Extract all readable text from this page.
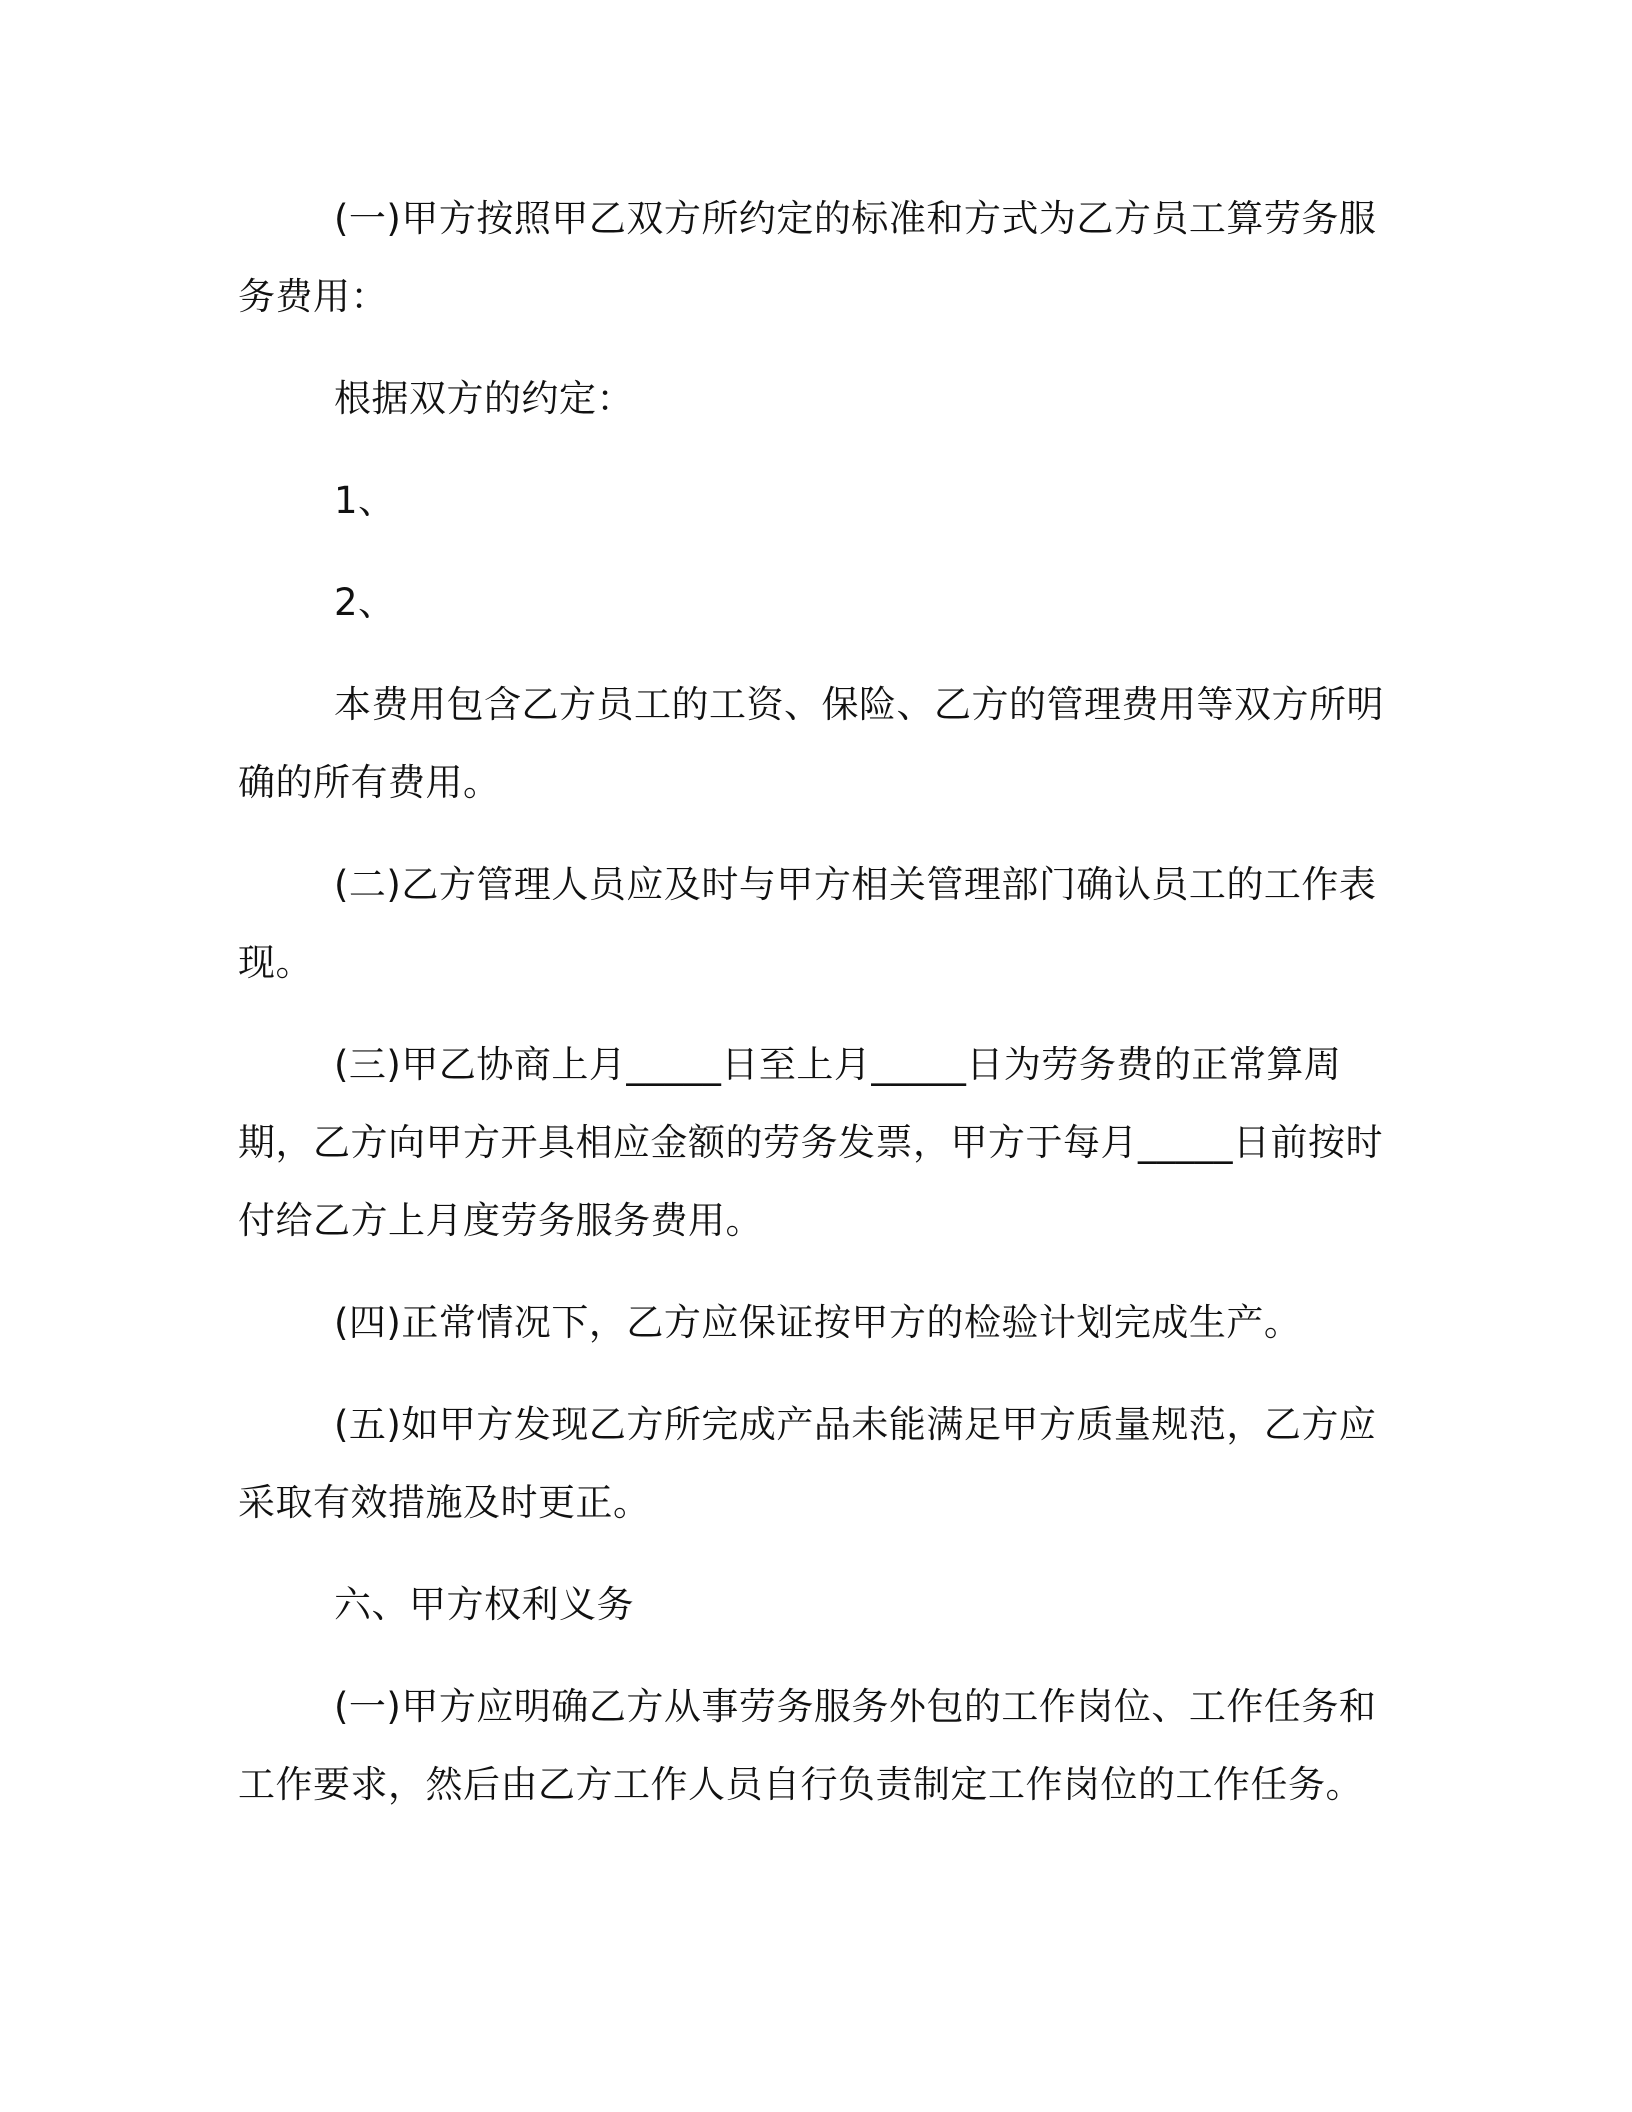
(一)甲方按照甲乙双方所约定的标准和方式为乙方员工算劳务服务费用：

根据双方的约定：

1、

2、

本费用包含乙方员工的工资、保险、乙方的管理费用等双方所明确的所有费用。

(二)乙方管理人员应及时与甲方相关管理部门确认员工的工作表现。

(三)甲乙协商上月_____日至上月_____日为劳务费的正常算周期，乙方向甲方开具相应金额的劳务发票，甲方于每月_____日前按时付给乙方上月度劳务服务费用。

(四)正常情况下，乙方应保证按甲方的检验计划完成生产。

(五)如甲方发现乙方所完成产品未能满足甲方质量规范，乙方应采取有效措施及时更正。

六、甲方权利义务

(一)甲方应明确乙方从事劳务服务外包的工作岗位、工作任务和工作要求，然后由乙方工作人员自行负责制定工作岗位的工作任务。
